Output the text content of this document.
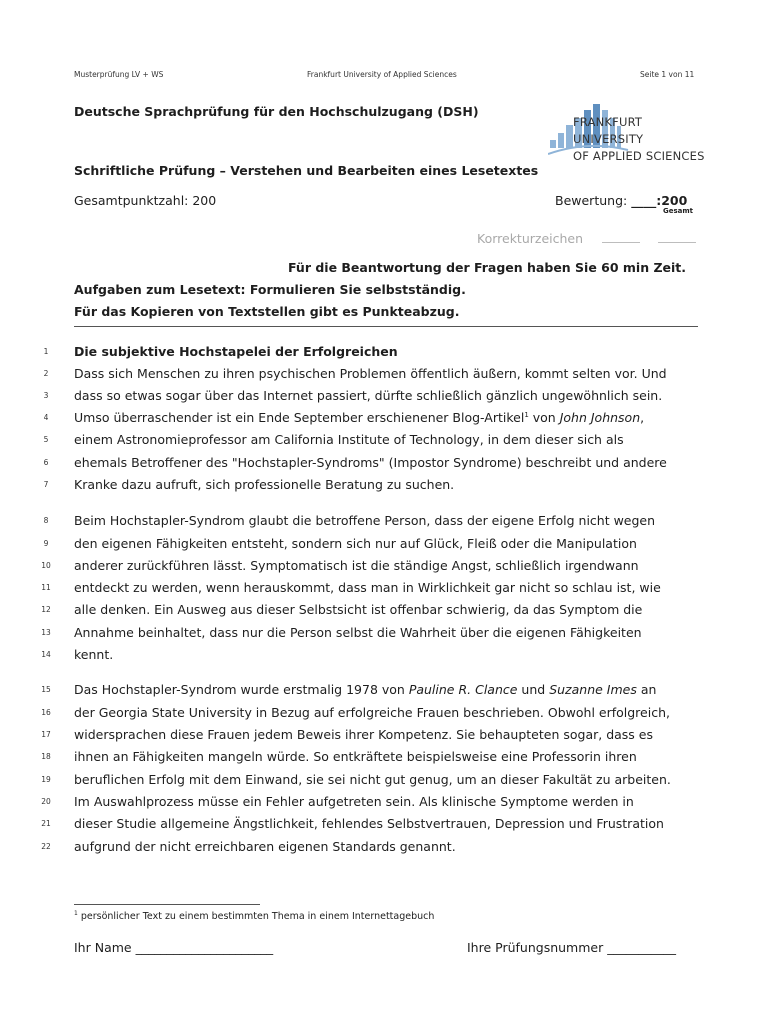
Musterprüfung LV + WS	Frankfurt University of Applied Sciences	Seite 1 von 11
FRANKFURT
UNIVERSITY
OF APPLIED SCIENCES
Deutsche Sprachprüfung für den Hochschulzugang (DSH)
Schriftliche Prüfung – Verstehen und Bearbeiten eines Lesetextes
Gesamtpunktzahl: 200	Bewertung: ____:200
Gesamt
Korrekturzeichen
Für die Beantwortung der Fragen haben Sie 60 min Zeit.
Aufgaben zum Lesetext: Formulieren Sie selbstständig.
Für das Kopieren von Textstellen gibt es Punkteabzug.
1	Die subjektive Hochstapelei der Erfolgreichen
2	Dass sich Menschen zu ihren psychischen Problemen öffentlich äußern, kommt selten vor. Und
3	dass so etwas sogar über das Internet passiert, dürfte schließlich gänzlich ungewöhnlich sein.
4	Umso überraschender ist ein Ende September erschienener Blog-Artikel$^1$ von John Johnson,
5	einem Astronomieprofessor am California Institute of Technology, in dem dieser sich als
6	ehemals Betroffener des "Hochstapler-Syndroms" (Impostor Syndrome) beschreibt und andere
7	Kranke dazu aufruft, sich professionelle Beratung zu suchen.
8	Beim Hochstapler-Syndrom glaubt die betroffene Person, dass der eigene Erfolg nicht wegen
9	den eigenen Fähigkeiten entsteht, sondern sich nur auf Glück, Fleiß oder die Manipulation
10	anderer zurückführen lässt. Symptomatisch ist die ständige Angst, schließlich irgendwann
11	entdeckt zu werden, wenn herauskommt, dass man in Wirklichkeit gar nicht so schlau ist, wie
12	alle denken. Ein Ausweg aus dieser Selbstsicht ist offenbar schwierig, da das Symptom die
13	Annahme beinhaltet, dass nur die Person selbst die Wahrheit über die eigenen Fähigkeiten
14	kennt.
15	Das Hochstapler-Syndrom wurde erstmalig 1978 von Pauline R. Clance und Suzanne Imes an
16	der Georgia State University in Bezug auf erfolgreiche Frauen beschrieben. Obwohl erfolgreich,
17	widersprachen diese Frauen jedem Beweis ihrer Kompetenz. Sie behaupteten sogar, dass es
18	ihnen an Fähigkeiten mangeln würde. So entkräftete beispielsweise eine Professorin ihren
19	beruflichen Erfolg mit dem Einwand, sie sei nicht gut genug, um an dieser Fakultät zu arbeiten.
20	Im Auswahlprozess müsse ein Fehler aufgetreten sein. Als klinische Symptome werden in
21	dieser Studie allgemeine Ängstlichkeit, fehlendes Selbstvertrauen, Depression und Frustration
22	aufgrund der nicht erreichbaren eigenen Standards genannt.
$^1$ persönlicher Text zu einem bestimmten Thema in einem Internettagebuch
Ihr Name ______________________	Ihre Prüfungsnummer ___________
